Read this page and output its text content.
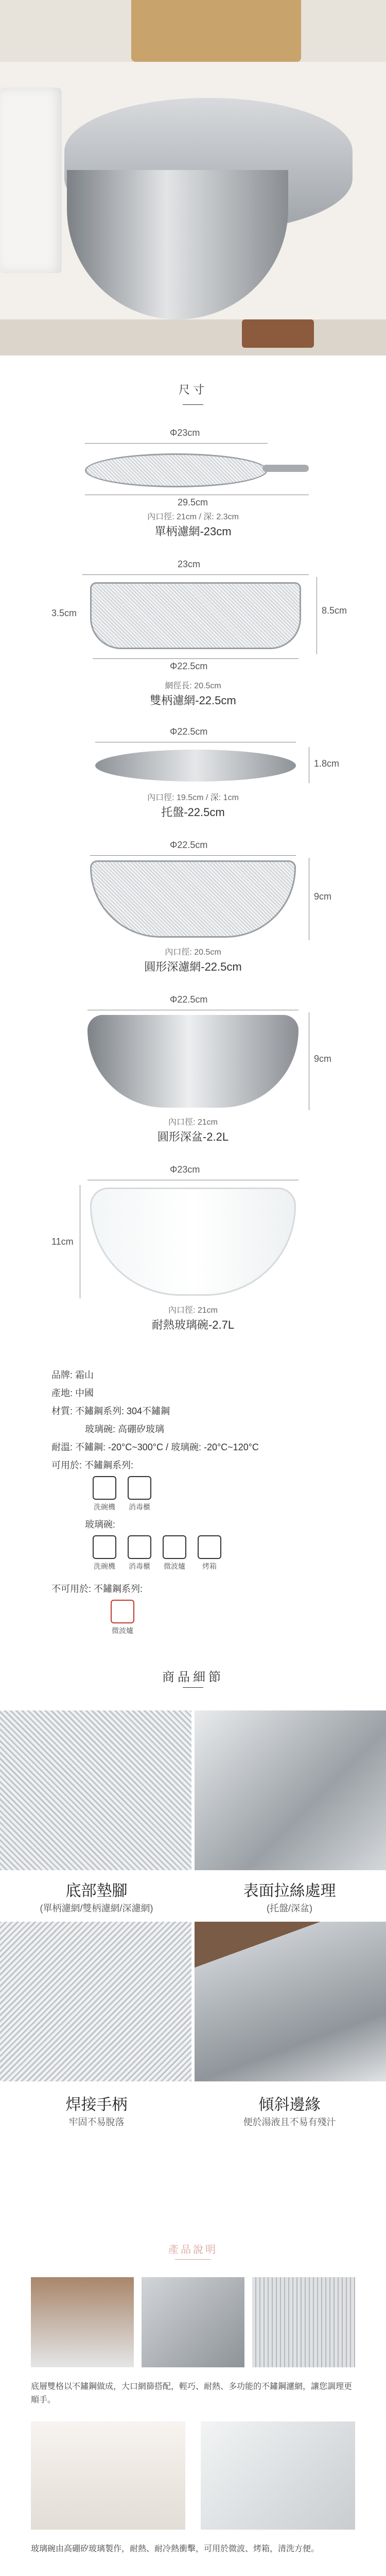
尺寸
Φ23cm
29.5cm
內口徑: 21cm / 深: 2.3cm
單柄濾網-23cm
23cm
3.5cm	8.5cm
Φ22.5cm
網徑長: 20.5cm
雙柄濾網-22.5cm
Φ22.5cm
1.8cm
內口徑: 19.5cm / 深: 1cm
托盤-22.5cm
Φ22.5cm
9cm
內口徑: 20.5cm
圓形深濾網-22.5cm
Φ22.5cm
9cm
內口徑: 21cm
圓形深盆-2.2L
Φ23cm
11cm
內口徑: 21cm
耐熱玻璃碗-2.7L
品牌: 霜山
產地: 中國
材質: 不鏽鋼系列: 304不鏽鋼
玻璃碗: 高硼矽玻璃
耐溫: 不鏽鋼: -20°C~300°C / 玻璃碗: -20°C~120°C
可用於: 不鏽鋼系列:
洗碗機	消毒櫃
玻璃碗:
洗碗機	消毒櫃	微波爐	烤箱
不可用於: 不鏽鋼系列:
微波爐
商品細節
底部墊腳
(單柄濾網/雙柄濾網/深濾網)
表面拉絲處理
(托盤/深盆)
焊接手柄
牢固不易脫落
傾斜邊緣
便於湯液且不易有殘汁
產品說明
底層雙格以不鏽鋼做成，大口網篩搭配，輕巧、耐熱、多功能的不鏽鋼濾網，讓您調理更順手。
玻璃碗由高硼矽玻璃製作，耐熱、耐冷熱衝擊，可用於微波、烤箱，清洗方便。
